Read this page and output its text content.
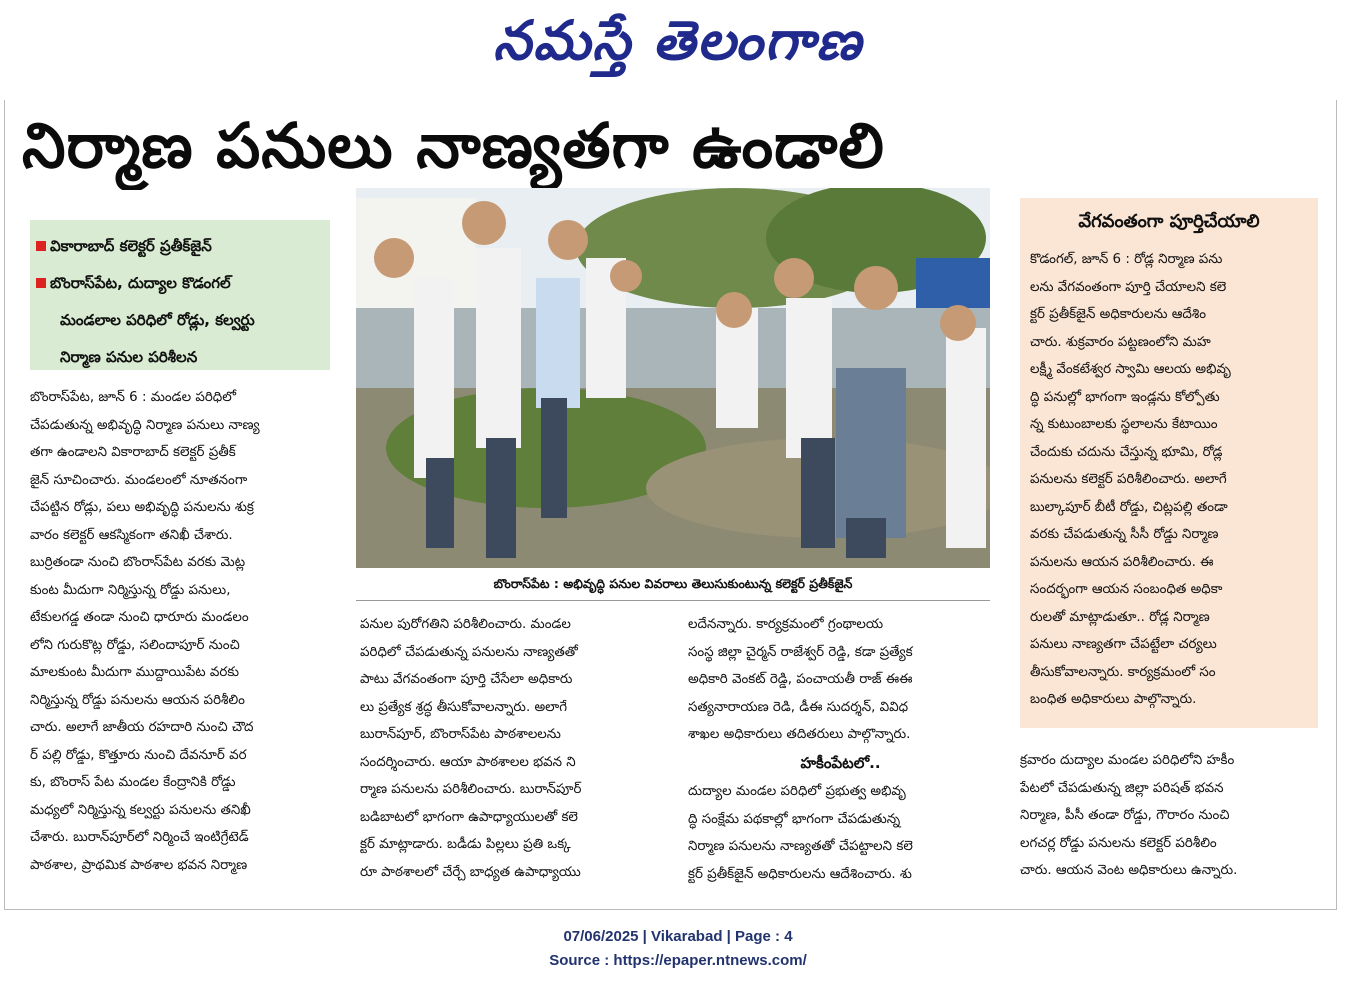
నమస్తే తెలంగాణ
నిర్మాణ పనులు నాణ్యతగా ఉండాలి
వికారాబాద్ కలెక్టర్ ప్రతీక్‌జైన్
బొంరాస్‌పేట, దుద్యాల కొడంగల్
మండలాల పరిధిలో రోడ్లు, కల్వర్టు
నిర్మాణ పనుల పరిశీలన
బొంరాస్‌పేట, జూన్ 6 : మండల పరిధిలో
చేపడుతున్న అభివృద్ధి నిర్మాణ పనులు నాణ్య
తగా ఉండాలని వికారాబాద్ కలెక్టర్ ప్రతీక్
జైన్ సూచించారు. మండలంలో నూతనంగా
చేపట్టిన రోడ్లు, పలు అభివృద్ధి పనులను శుక్ర
వారం కలెక్టర్ ఆకస్మికంగా తనిఖీ చేశారు.
బుర్రితండా నుంచి బొంరాస్‌పేట వరకు మెట్ల
కుంట మీదుగా నిర్మిస్తున్న రోడ్డు పనులు,
టేకులగడ్డ తండా నుంచి ధారూరు మండలం
లోని గురుకొట్ల రోడ్డు, సలిందాపూర్ నుంచి
మాలకుంట మీదుగా ముద్దాయిపేట వరకు
నిర్మిస్తున్న రోడ్డు పనులను ఆయన పరిశీలిం
చారు. అలాగే జాతీయ రహదారి నుంచి చౌద
ర్ పల్లి రోడ్డు, కొత్తూరు నుంచి దేవనూర్ వర
కు, బొంరాస్ పేట మండల కేంద్రానికి రోడ్డు
మధ్యలో నిర్మిస్తున్న కల్వర్టు పనులను తనిఖీ
చేశారు. బురాన్‌పూర్‌లో నిర్మించే ఇంటిగ్రేటెడ్
పాఠశాల, ప్రాథమిక పాఠశాల భవన నిర్మాణ
బొంరాస్‌పేట : అభివృద్ధి పనుల వివరాలు తెలుసుకుంటున్న కలెక్టర్ ప్రతీక్‌జైన్
పనుల పురోగతిని పరిశీలించారు. మండల
పరిధిలో చేపడుతున్న పనులను నాణ్యతతో
పాటు వేగవంతంగా పూర్తి చేసేలా అధికారు
లు ప్రత్యేక శ్రద్ధ తీసుకోవాలన్నారు. అలాగే
బురాన్‌పూర్, బొంరాస్‌పేట పాఠశాలలను
సందర్శించారు. ఆయా పాఠశాలల భవన ని
ర్మాణ పనులను పరిశీలించారు. బురాన్‌పూర్
బడిబాటలో భాగంగా ఉపాధ్యాయులతో కలె
క్టర్ మాట్లాడారు. బడీడు పిల్లలు ప్రతి ఒక్క
రూ పాఠశాలలో చేర్చే బాధ్యత ఉపాధ్యాయు
లదేనన్నారు. కార్యక్రమంలో గ్రంథాలయ
సంస్థ జిల్లా చైర్మన్ రాజేశ్వర్ రెడ్డి, కడా ప్రత్యేక
అధికారి వెంకట్ రెడ్డి, పంచాయతీ రాజ్ ఈఈ
సత్యనారాయణ రెడి, డీఈ సుదర్శన్, వివిధ
శాఖల అధికారులు తదితరులు పాల్గొన్నారు.
హకీంపేటలో..
దుద్యాల మండల పరిధిలో ప్రభుత్వ అభివృ
ద్ధి సంక్షేమ పథకాల్లో భాగంగా చేపడుతున్న
నిర్మాణ పనులను నాణ్యతతో చేపట్టాలని కలె
క్టర్ ప్రతీక్‌జైన్ అధికారులను ఆదేశించారు. శు
వేగవంతంగా పూర్తిచేయాలి
కొడంగల్, జూన్ 6 : రోడ్ల నిర్మాణ పను
లను వేగవంతంగా పూర్తి చేయాలని కలె
క్టర్ ప్రతీక్‌జైన్ అధికారులను ఆదేశిం
చారు. శుక్రవారం పట్టణంలోని మహ
లక్ష్మీ వేంకటేశ్వర స్వామి ఆలయ అభివృ
ద్ధి పనుల్లో భాగంగా ఇండ్లను కోల్పోతు
న్న కుటుంబాలకు స్థలాలను కేటాయిం
చేందుకు చదును చేస్తున్న భూమి, రోడ్ల
పనులను కలెక్టర్ పరిశీలించారు. అలాగే
బుల్కాపూర్ బీటీ రోడ్డు, చిట్లపల్లి తండా
వరకు చేపడుతున్న సీసీ రోడ్డు నిర్మాణ
పనులను ఆయన పరిశీలించారు. ఈ
సందర్భంగా ఆయన సంబంధిత అధికా
రులతో మాట్లాడుతూ.. రోడ్ల నిర్మాణ
పనులు నాణ్యతగా చేపట్టేలా చర్యలు
తీసుకోవాలన్నారు. కార్యక్రమంలో సం
బంధిత అధికారులు పాల్గొన్నారు.
క్రవారం దుద్యాల మండల పరిధిలోని హకీం
పేటలో చేపడుతున్న జిల్లా పరిషత్ భవన
నిర్మాణ, పీసీ తండా రోడ్డు, గౌరారం నుంచి
లగచర్ల రోడ్డు పనులను కలెక్టర్ పరిశీలిం
చారు. ఆయన వెంట అధికారులు ఉన్నారు.
07/06/2025 | Vikarabad | Page : 4
Source : https://epaper.ntnews.com/
